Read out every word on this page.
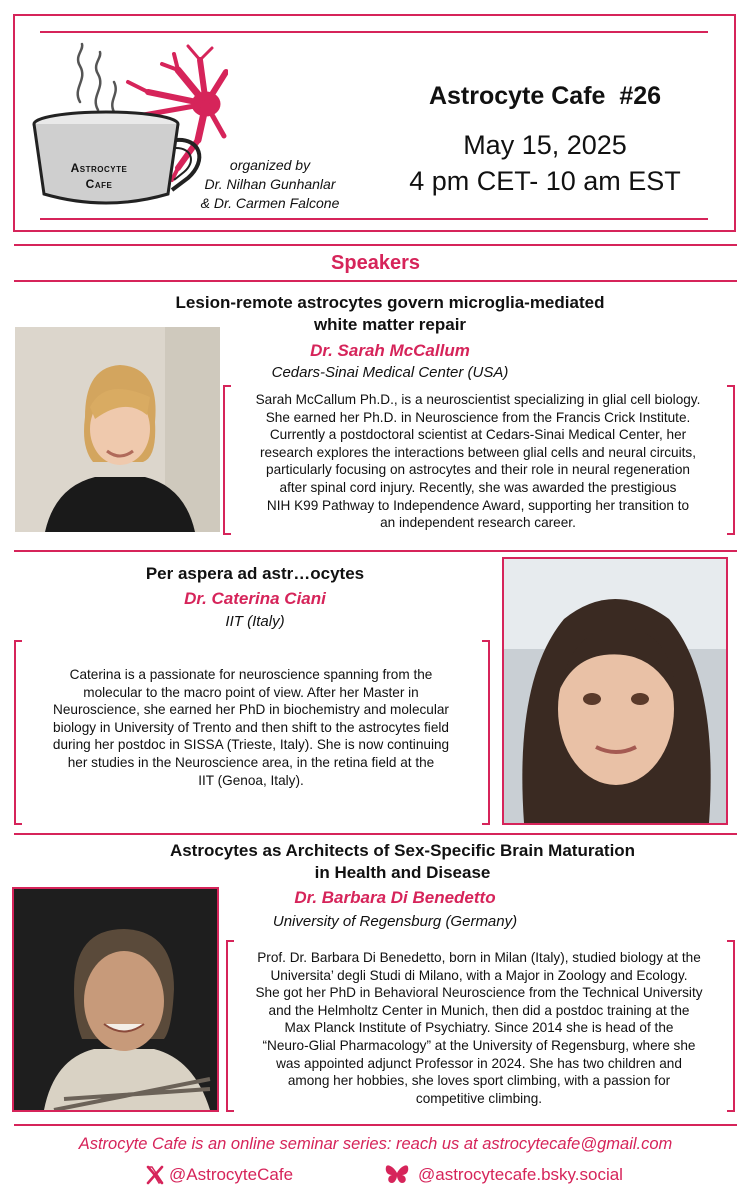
Astrocyte
Cafe
organized by
Dr. Nilhan Gunhanlar
& Dr. Carmen Falcone
Astrocyte Cafe  #26
May 15, 2025
4 pm CET- 10 am EST
Speakers
Lesion-remote astrocytes govern microglia-mediated
white matter repair
Dr. Sarah McCallum
Cedars-Sinai Medical Center (USA)
Sarah McCallum Ph.D., is a neuroscientist specializing in glial cell biology.
She earned her Ph.D. in Neuroscience from the Francis Crick Institute.
Currently a postdoctoral scientist at Cedars-Sinai Medical Center, her
research explores the interactions between glial cells and neural circuits,
particularly focusing on astrocytes and their role in neural regeneration
after spinal cord injury. Recently, she was awarded the prestigious
NIH K99 Pathway to Independence Award, supporting her transition to
an independent research career.
Per aspera ad astr…ocytes
Dr. Caterina Ciani
IIT (Italy)
Caterina is a passionate for neuroscience spanning from the
molecular to the macro point of view. After her Master in
Neuroscience, she earned her PhD in biochemistry and molecular
biology in University of Trento and then shift to the astrocytes field
during her postdoc in SISSA (Trieste, Italy). She is now continuing
her studies in the Neuroscience area, in the retina field at the
IIT (Genoa, Italy).
Astrocytes as Architects of Sex-Specific Brain Maturation
in Health and Disease
Dr. Barbara Di Benedetto
University of Regensburg (Germany)
Prof. Dr. Barbara Di Benedetto, born in Milan (Italy), studied biology at the
Universita’ degli Studi di Milano, with a Major in Zoology and Ecology.
She got her PhD in Behavioral Neuroscience from the Technical University
and the Helmholtz Center in Munich, then did a postdoc training at the
Max Planck Institute of Psychiatry. Since 2014 she is head of the
“Neuro-Glial Pharmacology” at the University of Regensburg, where she
was appointed adjunct Professor in 2024. She has two children and
among her hobbies, she loves sport climbing, with a passion for
competitive climbing.
Astrocyte Cafe is an online seminar series: reach us at astrocytecafe@gmail.com
@AstrocyteCafe	@astrocytecafe.bsky.social
